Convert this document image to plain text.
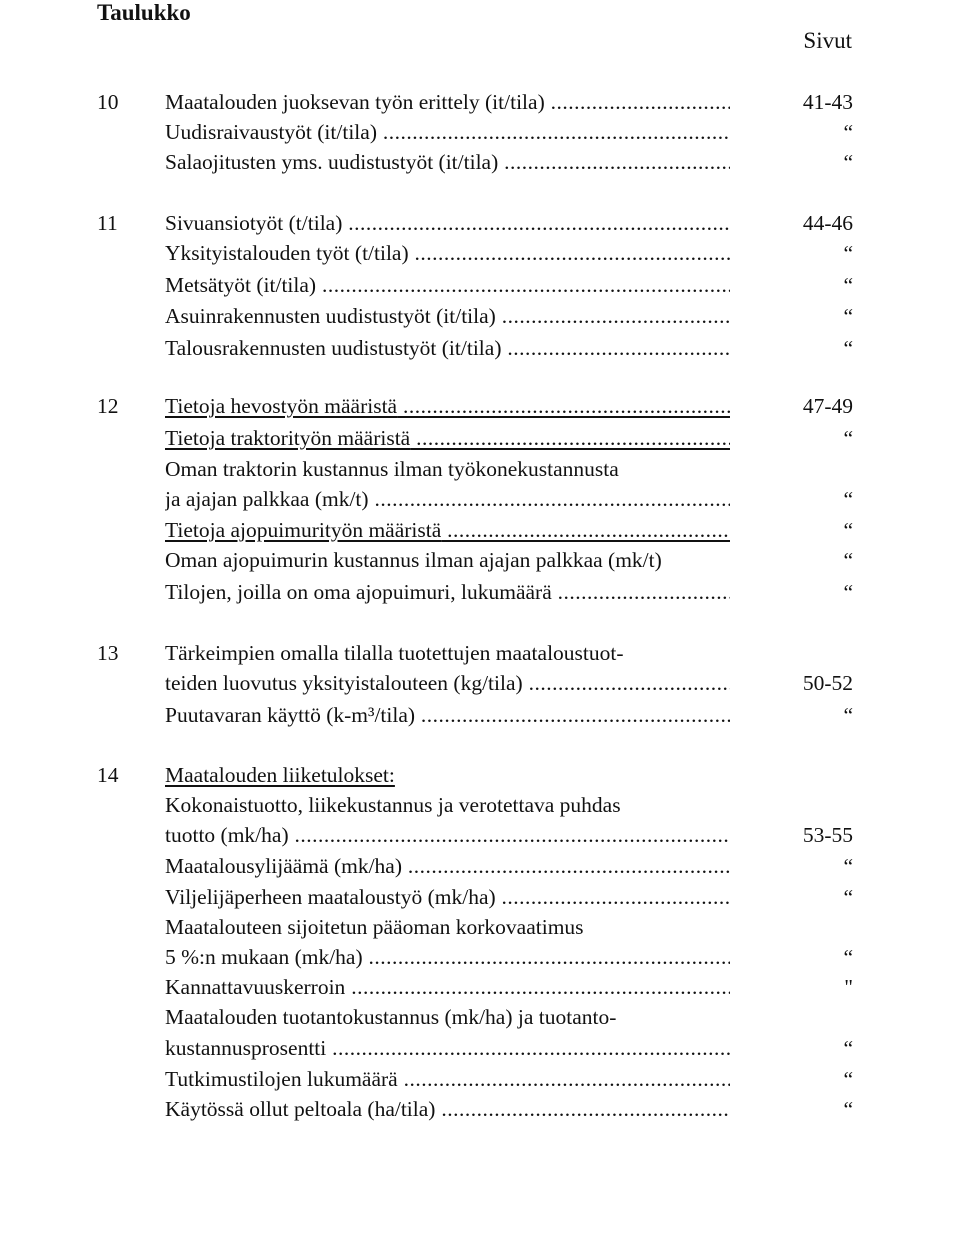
Taulukko
Sivut
10	Maatalouden juoksevan työn erittely (it/tila) .....	41-43
Uudisraivaustyöt (it/tila) .....	“
Salaojitusten yms. uudistustyöt (it/tila) .....	“
11	Sivuansiotyöt (t/tila) .....	44-46
Yksityistalouden työt (t/tila) .....	“
Metsätyöt (it/tila) .....	“
Asuinrakennusten uudistustyöt (it/tila) .....	“
Talousrakennusten uudistustyöt (it/tila) .....	“
12	Tietoja hevostyön määristä .....	47-49
Tietoja traktorityön määristä .....	“
Oman traktorin kustannus ilman työkonekustannusta
ja ajajan palkkaa (mk/t) .....	“
Tietoja ajopuimurityön määristä .....	“
Oman ajopuimurin kustannus ilman ajajan palkkaa (mk/t)	“
Tilojen, joilla on oma ajopuimuri, lukumäärä .....	“
13	Tärkeimpien omalla tilalla tuotettujen maataloustuot-
teiden luovutus yksityistalouteen (kg/tila) .....	50-52
Puutavaran käyttö (k-m³/tila) .....	“
14	Maatalouden liiketulokset:
Kokonaistuotto, liikekustannus ja verotettava puhdas
tuotto (mk/ha) .....	53-55
Maatalousylijäämä (mk/ha) .....	“
Viljelijäperheen maataloustyö (mk/ha) .....	“
Maatalouteen sijoitetun pääoman korkovaatimus
5 %:n mukaan (mk/ha) .....	“
Kannattavuuskerroin .....	"
Maatalouden tuotantokustannus (mk/ha) ja tuotanto-
kustannusprosentti .....	“
Tutkimustilojen lukumäärä .....	“
Käytössä ollut peltoala (ha/tila) .....	“
